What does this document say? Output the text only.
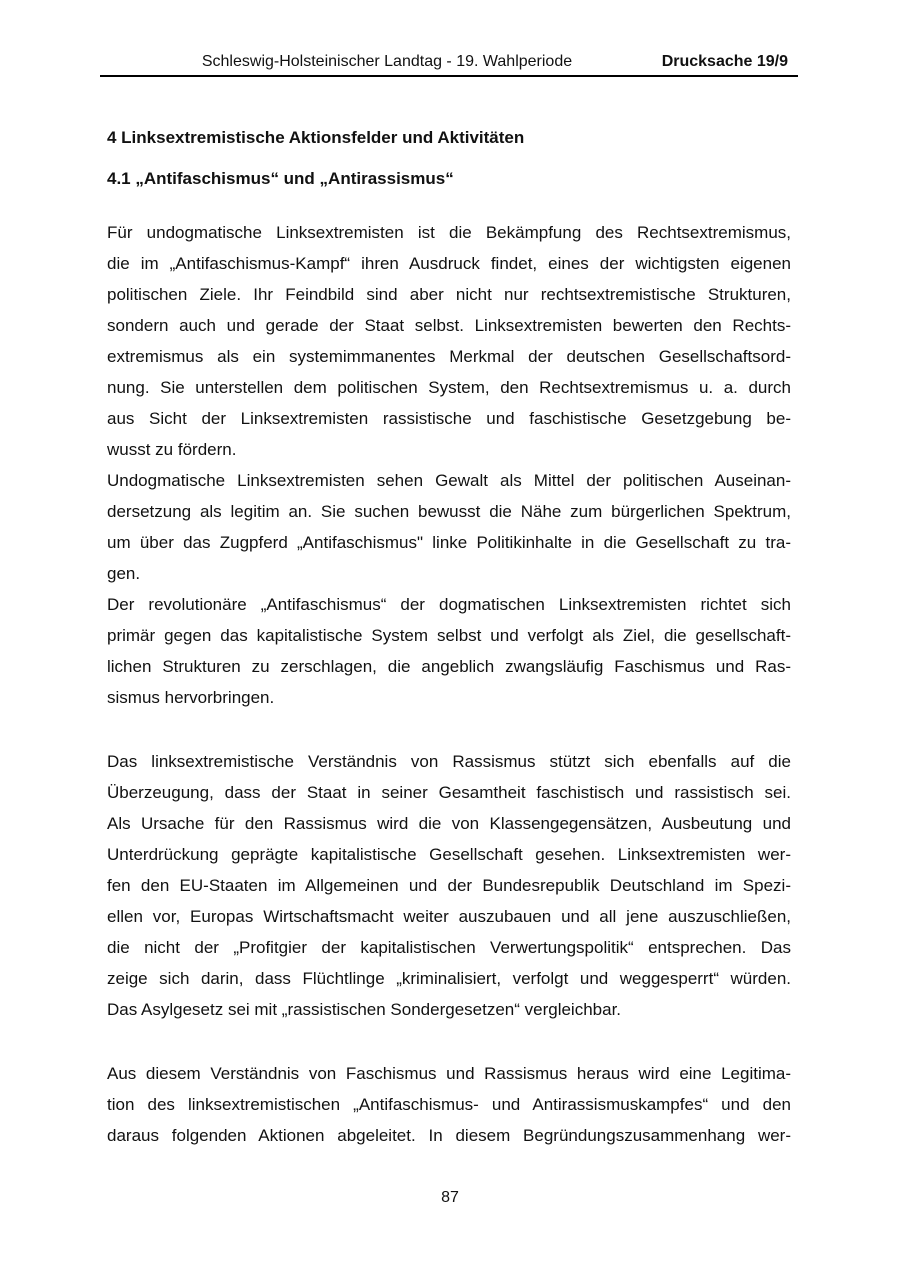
Schleswig-Holsteinischer Landtag - 19. Wahlperiode	Drucksache 19/9
4 Linksextremistische Aktionsfelder und Aktivitäten
4.1 „Antifaschismus“ und „Antirassismus“
Für undogmatische Linksextremisten ist die Bekämpfung des Rechtsextremismus,
die im „Antifaschismus-Kampf“ ihren Ausdruck findet, eines der wichtigsten eigenen
politischen Ziele. Ihr Feindbild sind aber nicht nur rechtsextremistische Strukturen,
sondern auch und gerade der Staat selbst. Linksextremisten bewerten den Rechts-
extremismus als ein systemimmanentes Merkmal der deutschen Gesellschaftsord-
nung. Sie unterstellen dem politischen System, den Rechtsextremismus u. a. durch
aus Sicht der Linksextremisten rassistische und faschistische Gesetzgebung be-
wusst zu fördern.
Undogmatische Linksextremisten sehen Gewalt als Mittel der politischen Auseinan-
dersetzung als legitim an. Sie suchen bewusst die Nähe zum bürgerlichen Spektrum,
um über das Zugpferd „Antifaschismus" linke Politikinhalte in die Gesellschaft zu tra-
gen.
Der revolutionäre „Antifaschismus“ der dogmatischen Linksextremisten richtet sich
primär gegen das kapitalistische System selbst und verfolgt als Ziel, die gesellschaft-
lichen Strukturen zu zerschlagen, die angeblich zwangsläufig Faschismus und Ras-
sismus hervorbringen.
Das linksextremistische Verständnis von Rassismus stützt sich ebenfalls auf die
Überzeugung, dass der Staat in seiner Gesamtheit faschistisch und rassistisch sei.
Als Ursache für den Rassismus wird die von Klassengegensätzen, Ausbeutung und
Unterdrückung geprägte kapitalistische Gesellschaft gesehen. Linksextremisten wer-
fen den EU-Staaten im Allgemeinen und der Bundesrepublik Deutschland im Spezi-
ellen vor, Europas Wirtschaftsmacht weiter auszubauen und all jene auszuschließen,
die nicht der „Profitgier der kapitalistischen Verwertungspolitik“ entsprechen. Das
zeige sich darin, dass Flüchtlinge „kriminalisiert, verfolgt und weggesperrt“ würden.
Das Asylgesetz sei mit „rassistischen Sondergesetzen“ vergleichbar.
Aus diesem Verständnis von Faschismus und Rassismus heraus wird eine Legitima-
tion des linksextremistischen „Antifaschismus- und Antirassismuskampfes“ und den
daraus folgenden Aktionen abgeleitet. In diesem Begründungszusammenhang wer-
87
